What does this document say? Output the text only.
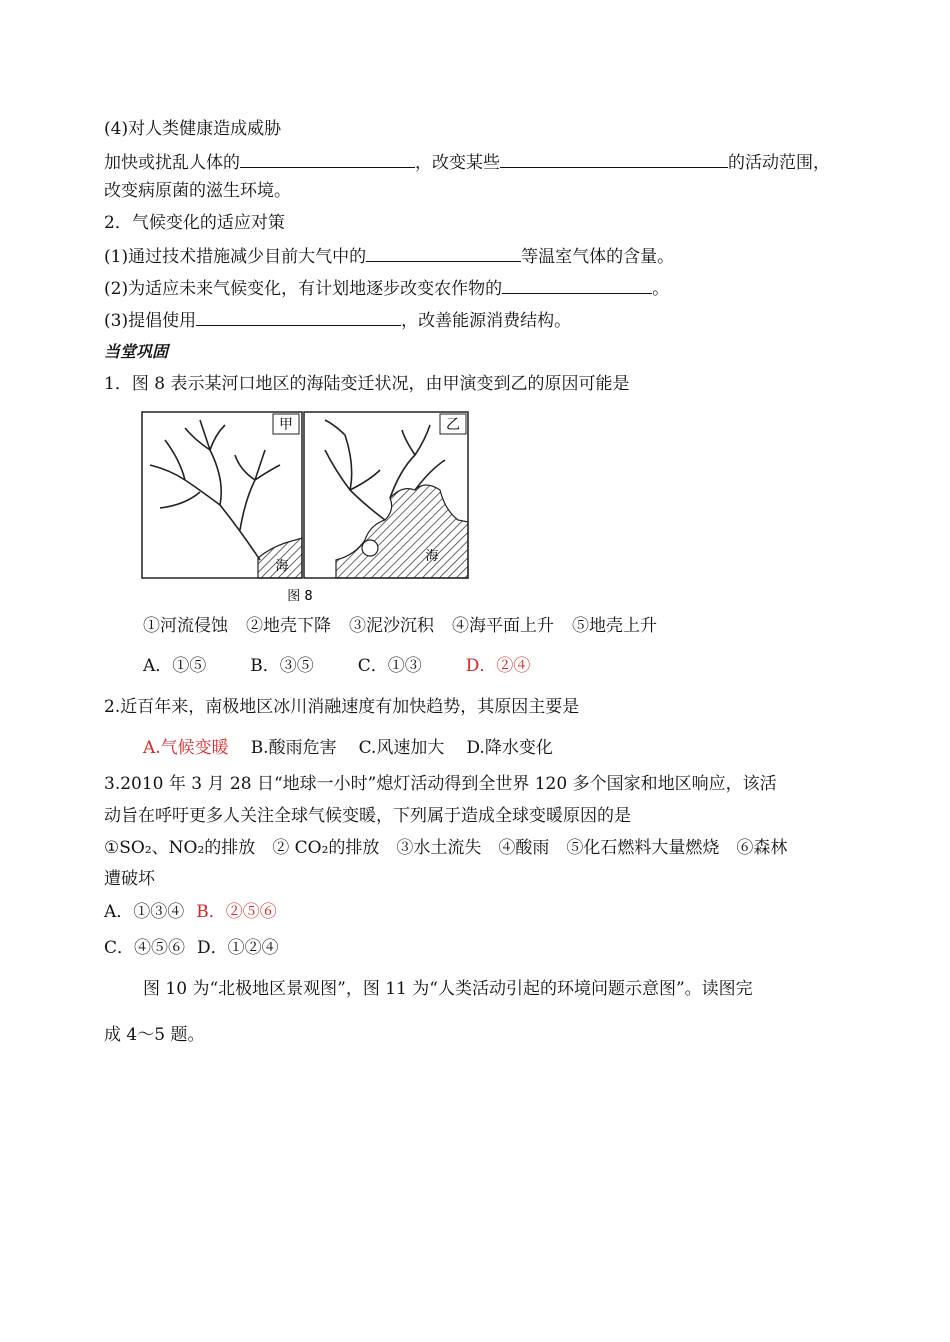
(4)对人类健康造成威胁
加快或扰乱人体的	，改变某些	的活动范围，
改变病原菌的滋生环境。
2．气候变化的适应对策
(1)通过技术措施减少目前大气中的	等温室气体的含量。
(2)为适应未来气候变化，有计划地逐步改变农作物的	。
(3)提倡使用	，改善能源消费结构。
当堂巩固
1．图 8 表示某河口地区的海陆变迁状况，由甲演变到乙的原因可能是
甲
海
乙
海
图 8
①河流侵蚀 ②地壳下降 ③泥沙沉积 ④海平面上升 ⑤地壳上升
A．①⑤	B．③⑤	C．①③	D．②④
2.近百年来，南极地区冰川消融速度有加快趋势，其原因主要是
A.气候变暖 B.酸雨危害 C.风速加大 D.降水变化
3.2010 年 3 月 28 日“地球一小时”熄灯活动得到全世界 120 多个国家和地区响应，该活
动旨在呼吁更多人关注全球气候变暖，下列属于造成全球变暖原因的是
①SO₂、NO₂的排放　② CO₂的排放　③水土流失　④酸雨　⑤化石燃料大量燃烧　⑥森林
遭破坏
A．①③④ B．②⑤⑥
C．④⑤⑥ D．①②④
图 10 为“北极地区景观图”，图 11 为“人类活动引起的环境问题示意图”。读图完
成 4～5 题。
